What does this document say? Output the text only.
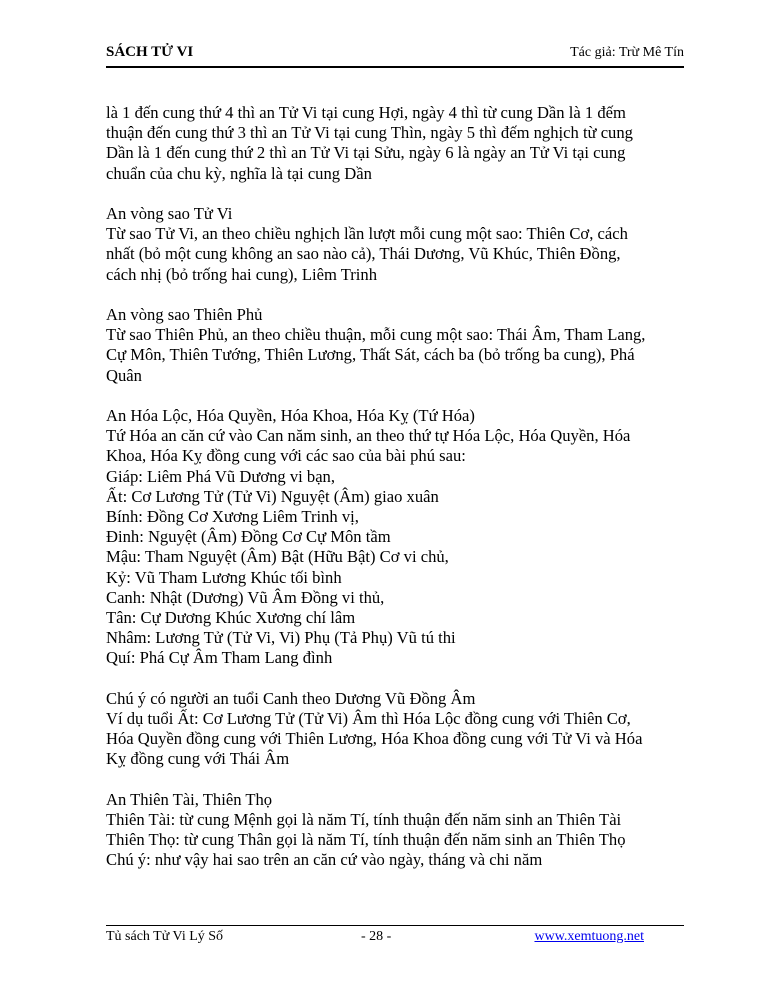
SÁCH TỬ VI	Tác giả: Trừ Mê Tín
là 1 đến cung thứ 4 thì an Tử Vi tại cung Hợi, ngày 4 thì từ cung Dần là 1 đếm
thuận đến cung thứ 3 thì an Tử Vi tại cung Thìn, ngày 5 thì đếm nghịch từ cung
Dần là 1 đến cung thứ 2 thì an Tử Vi tại Sửu, ngày 6 là ngày an Tử Vi tại cung
chuẩn của chu kỳ, nghĩa là tại cung Dần
An vòng sao Tử Vi
Từ sao Tử Vi, an theo chiều nghịch lần lượt mỗi cung một sao: Thiên Cơ, cách
nhất (bỏ một cung không an sao nào cả), Thái Dương, Vũ Khúc, Thiên Đồng,
cách nhị (bỏ trống hai cung), Liêm Trinh
An vòng sao Thiên Phủ
Từ sao Thiên Phủ, an theo chiều thuận, mỗi cung một sao: Thái Âm, Tham Lang,
Cự Môn, Thiên Tướng, Thiên Lương, Thất Sát, cách ba (bỏ trống ba cung), Phá
Quân
An Hóa Lộc, Hóa Quyền, Hóa Khoa, Hóa Kỵ (Tứ Hóa)
Tứ Hóa an căn cứ vào Can năm sinh, an theo thứ tự Hóa Lộc, Hóa Quyền, Hóa
Khoa, Hóa Kỵ đồng cung với các sao của bài phú sau:
Giáp: Liêm Phá Vũ Dương vi bạn,
Ất: Cơ Lương Tử (Tử Vi) Nguyệt (Âm) giao xuân
Bính: Đồng Cơ Xương Liêm Trinh vị,
Đinh: Nguyệt (Âm) Đồng Cơ Cự Môn tầm
Mậu: Tham Nguyệt (Âm) Bật (Hữu Bật) Cơ vi chủ,
Kỷ: Vũ Tham Lương Khúc tối bình
Canh: Nhật (Dương) Vũ Âm Đồng vi thủ,
Tân: Cự Dương Khúc Xương chí lâm
Nhâm: Lương Tử (Tử Vi, Vi) Phụ (Tả Phụ) Vũ tú thi
Quí: Phá Cự Âm Tham Lang đình
Chú ý có người an tuổi Canh theo Dương Vũ Đồng Âm
Ví dụ tuổi Ất: Cơ Lương Tử (Tử Vi) Âm thì Hóa Lộc đồng cung với Thiên Cơ,
Hóa Quyền đồng cung với Thiên Lương, Hóa Khoa đồng cung với Tử Vi và Hóa
Kỵ đồng cung với Thái Âm
An Thiên Tài, Thiên Thọ
Thiên Tài: từ cung Mệnh gọi là năm Tí, tính thuận đến năm sinh an Thiên Tài
Thiên Thọ: từ cung Thân gọi là năm Tí, tính thuận đến năm sinh an Thiên Thọ
Chú ý: như vậy hai sao trên an căn cứ vào ngày, tháng và chi năm
Tủ sách Tử Vi Lý Số	- 28 -	www.xemtuong.net
